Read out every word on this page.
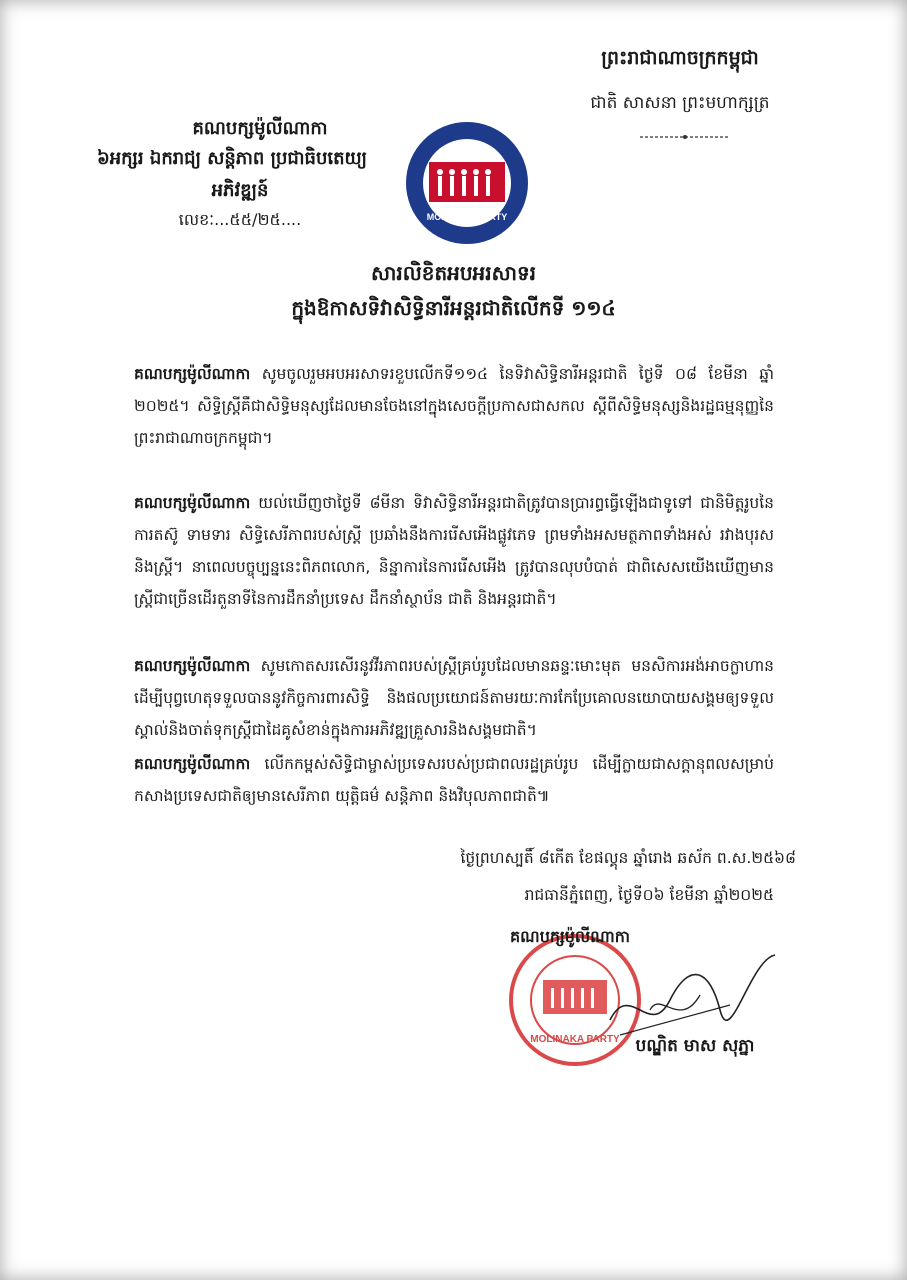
ព្រះរាជាណាចក្រកម្ពុជា
ជាតិ សាសនា ព្រះមហាក្សត្រ
គណបក្សម៉ូលីណាកា
៦អក្សរ ឯករាជ្យ សន្តិភាព ប្រជាធិបតេយ្យ
អភិវឌ្ឍន៍
លេខៈ...៥៥/២៥....	MOLINAKA PARTY
សារលិខិតអបអរសាទរ
ក្នុងឱកាសទិវាសិទ្ធិនារីអន្តរជាតិលើកទី ១១៤
គណបក្សម៉ូលីណាកា សូមចូលរួមអបអរសាទរខួបលើកទី១១៤ នៃទិវាសិទ្ធិនារីអន្តរជាតិ ថ្ងៃទី ០៨ ខែមីនា ឆ្នាំ ២០២៥។ សិទ្ធិស្ត្រីគឺជាសិទ្ធិមនុស្សដែលមានចែងនៅក្នុងសេចក្តីប្រកាសជាសកល ស្តីពីសិទ្ធិមនុស្សនិងរដ្ឋធម្មនុញ្ញនៃព្រះរាជាណាចក្រកម្ពុជា។
គណបក្សម៉ូលីណាកា យល់ឃើញថាថ្ងៃទី ៨មីនា ទិវាសិទ្ធិនារីអន្តរជាតិត្រូវបានប្រារព្ធធ្វើឡើងជាទូទៅ ជានិមិត្តរូបនៃការតស៊ូ ទាមទារ សិទ្ធិសេរីភាពរបស់ស្ត្រី ប្រឆាំងនឹងការរើសអើងផ្លូវភេទ ព្រមទាំងអសមត្ថភាពទាំងអស់ រវាងបុរសនិងស្ត្រី។ នាពេលបច្ចុប្បន្ននេះពិភពលោក, និន្នាការនៃការរើសអើង ត្រូវបានលុបបំបាត់ ជាពិសេសយើងឃើញមានស្ត្រីជាច្រើនដើរតួនាទីនៃការដឹកនាំប្រទេស ដឹកនាំស្ថាប័ន ជាតិ និងអន្តរជាតិ។
គណបក្សម៉ូលីណាកា សូមកោតសរសើរនូវវីរភាពរបស់ស្ត្រីគ្រប់រូបដែលមានឆន្ទៈមោះមុត មនសិការអង់អាចក្លាហានដើម្បីបុព្វហេតុទទួលបាននូវកិច្ចការពារសិទ្ធិ និងផលប្រយោជន៍តាមរយៈការកែប្រែគោលនយោបាយសង្គមឲ្យទទួលស្គាល់និងចាត់ទុកស្ត្រីជាដៃគូសំខាន់ក្នុងការអភិវឌ្ឍគ្រួសារនិងសង្គមជាតិ។
គណបក្សម៉ូលីណាកា លើកកម្ពស់សិទ្ធិជាម្ចាស់ប្រទេសរបស់ប្រជាពលរដ្ឋគ្រប់រូប ដើម្បីក្លាយជាសក្តានុពលសម្រាប់កសាងប្រទេសជាតិឲ្យមានសេរីភាព យុត្តិធម៌ សន្តិភាព និងវិបុលភាពជាតិ៕
ថ្ងៃព្រហស្បតិ៍ ៨កើត ខែផល្គុន ឆ្នាំរោង ឆស័ក ព.ស.២៥៦៨
រាជធានីភ្នំពេញ, ថ្ងៃទី០៦ ខែមីនា ឆ្នាំ២០២៥
MOLINAKA PARTY
គណបក្សម៉ូលីណាកា
បណ្ឌិត មាស សុភ្នា
